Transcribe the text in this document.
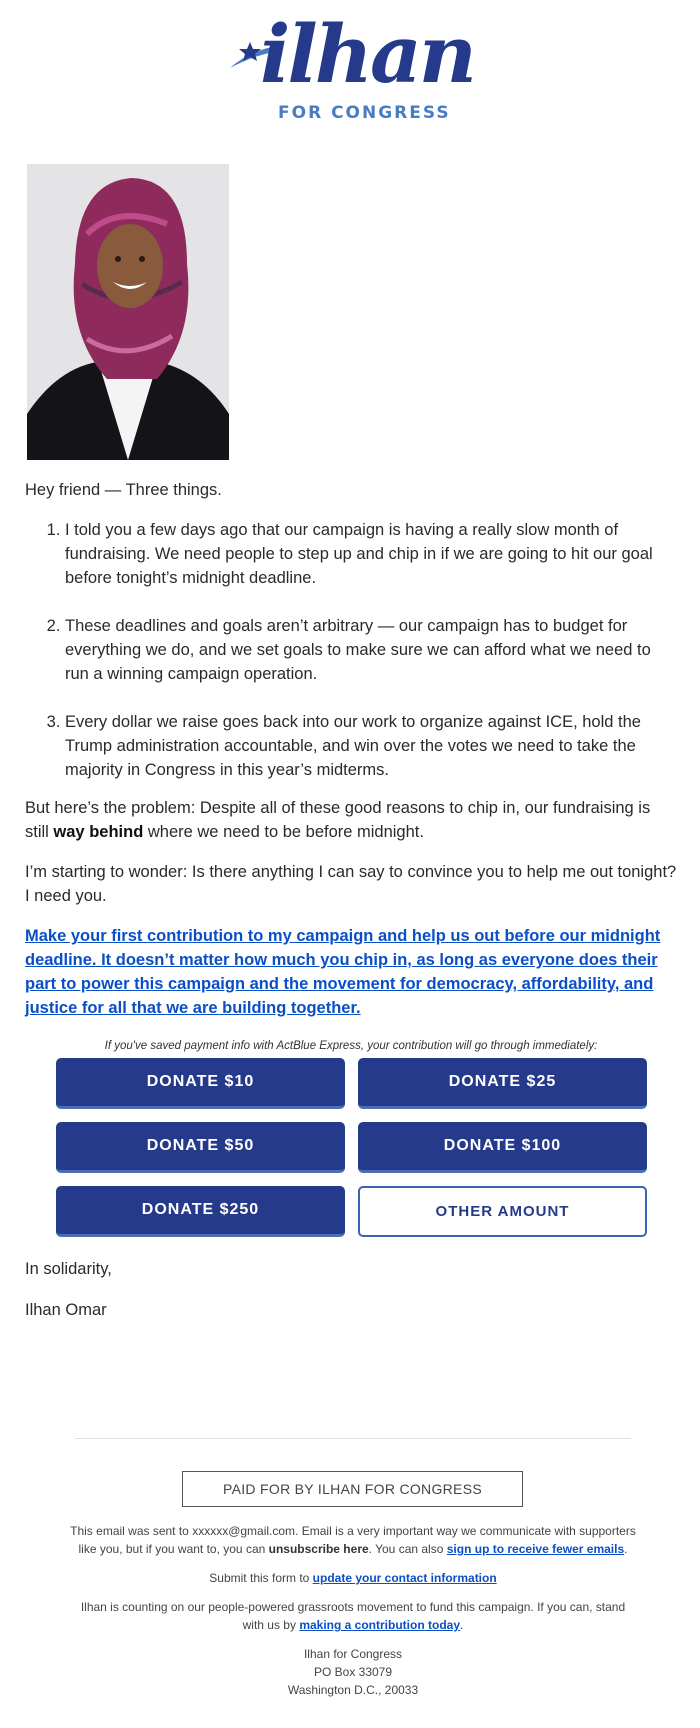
ilhan
FOR CONGRESS

Hey friend — Three things.

1. I told you a few days ago that our campaign is having a really slow month of fundraising. We need people to step up and chip in if we are going to hit our goal before tonight’s midnight deadline.
2. These deadlines and goals aren’t arbitrary — our campaign has to budget for everything we do, and we set goals to make sure we can afford what we need to run a winning campaign operation.
3. Every dollar we raise goes back into our work to organize against ICE, hold the Trump administration accountable, and win over the votes we need to take the majority in Congress in this year’s midterms.

But here’s the problem: Despite all of these good reasons to chip in, our fundraising is still way behind where we need to be before midnight.

I’m starting to wonder: Is there anything I can say to convince you to help me out tonight? I need you.

Make your first contribution to my campaign and help us out before our midnight deadline. It doesn’t matter how much you chip in, as long as everyone does their part to power this campaign and the movement for democracy, affordability, and justice for all that we are building together.

If you've saved payment info with ActBlue Express, your contribution will go through immediately:

DONATE $10	DONATE $25
DONATE $50	DONATE $100
DONATE $250	OTHER AMOUNT

In solidarity,

Ilhan Omar

PAID FOR BY ILHAN FOR CONGRESS

This email was sent to xxxxxx@gmail.com. Email is a very important way we communicate with supporters like you, but if you want to, you can unsubscribe here. You can also sign up to receive fewer emails.

Submit this form to update your contact information

Ilhan is counting on our people-powered grassroots movement to fund this campaign. If you can, stand with us by making a contribution today.

Ilhan for Congress
PO Box 33079
Washington D.C., 20033
